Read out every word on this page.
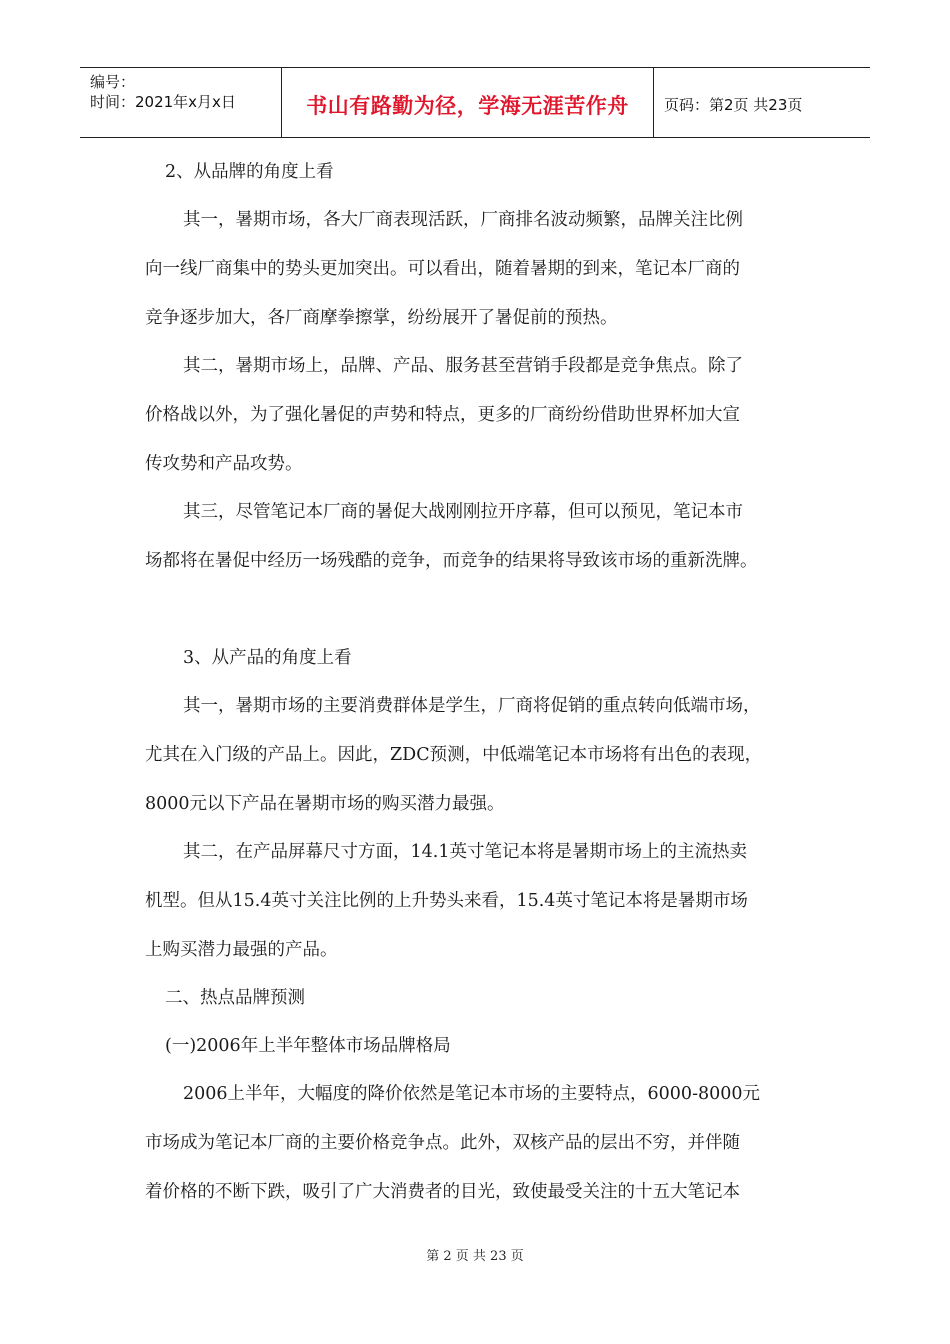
编号：
时间：2021年x月x日	书山有路勤为径，学海无涯苦作舟 页码：第2页 共23页
2、从品牌的角度上看
其一，暑期市场，各大厂商表现活跃，厂商排名波动频繁，品牌关注比例
向一线厂商集中的势头更加突出。可以看出，随着暑期的到来，笔记本厂商的
竞争逐步加大，各厂商摩拳擦掌，纷纷展开了暑促前的预热。
其二，暑期市场上，品牌、产品、服务甚至营销手段都是竞争焦点。除了
价格战以外，为了强化暑促的声势和特点，更多的厂商纷纷借助世界杯加大宣
传攻势和产品攻势。
其三，尽管笔记本厂商的暑促大战刚刚拉开序幕，但可以预见，笔记本市
场都将在暑促中经历一场残酷的竞争，而竞争的结果将导致该市场的重新洗牌。
3、从产品的角度上看
其一，暑期市场的主要消费群体是学生，厂商将促销的重点转向低端市场，
尤其在入门级的产品上。因此，ZDC预测，中低端笔记本市场将有出色的表现，
8000元以下产品在暑期市场的购买潜力最强。
其二，在产品屏幕尺寸方面，14.1英寸笔记本将是暑期市场上的主流热卖
机型。但从15.4英寸关注比例的上升势头来看，15.4英寸笔记本将是暑期市场
上购买潜力最强的产品。
二、热点品牌预测
(一)2006年上半年整体市场品牌格局
2006上半年，大幅度的降价依然是笔记本市场的主要特点，6000-8000元
市场成为笔记本厂商的主要价格竞争点。此外，双核产品的层出不穷，并伴随
着价格的不断下跌，吸引了广大消费者的目光，致使最受关注的十五大笔记本
第 2 页 共 23 页
